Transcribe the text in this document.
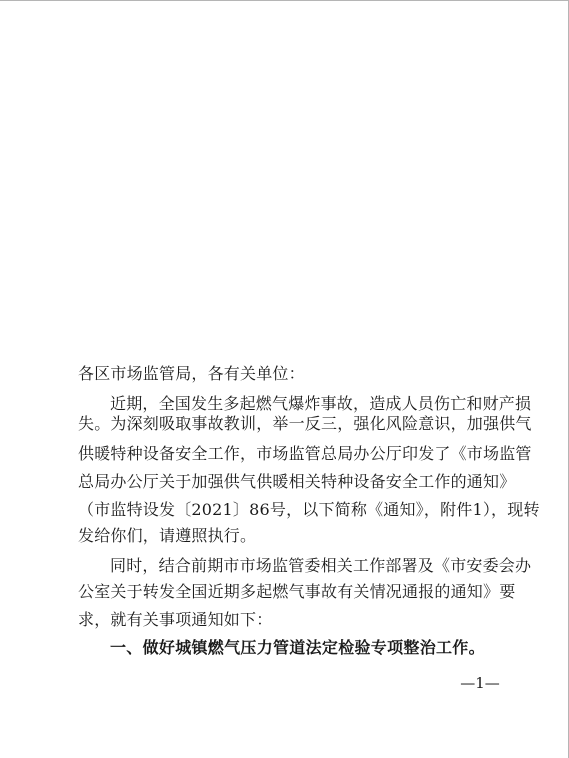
各区市场监管局，各有关单位：
近期，全国发生多起燃气爆炸事故，造成人员伤亡和财产损
失。为深刻吸取事故教训，举一反三，强化风险意识，加强供气
供暖特种设备安全工作，市场监管总局办公厅印发了《市场监管
总局办公厅关于加强供气供暖相关特种设备安全工作的通知》
（市监特设发〔2021〕86号，以下简称《通知》，附件1），现转
发给你们，请遵照执行。
同时，结合前期市市场监管委相关工作部署及《市安委会办
公室关于转发全国近期多起燃气事故有关情况通报的通知》要
求，就有关事项通知如下：
一、做好城镇燃气压力管道法定检验专项整治工作。
—1—
